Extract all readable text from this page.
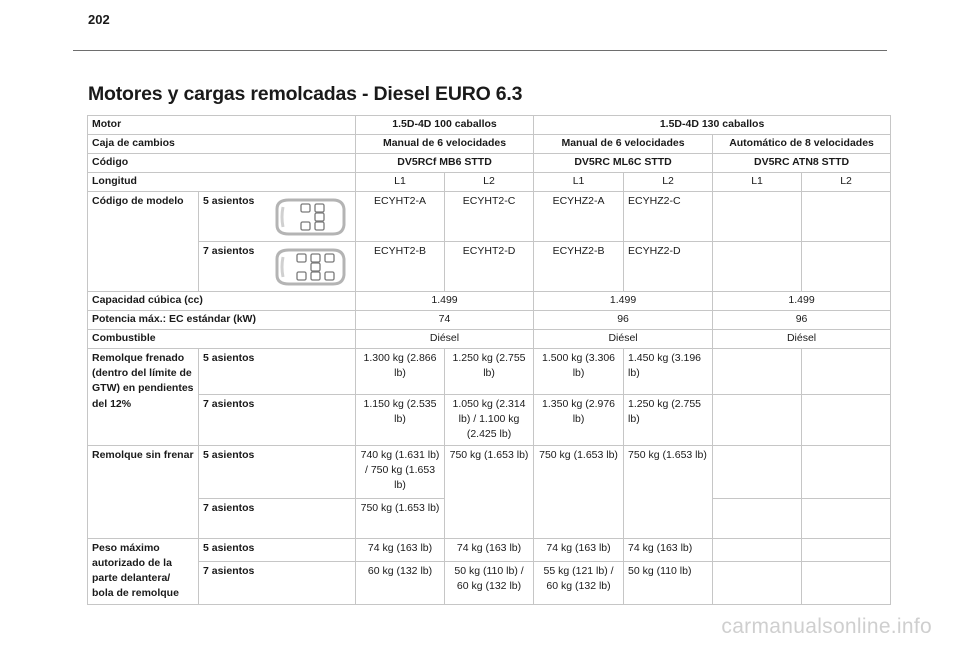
202
Motores y cargas remolcadas - Diesel EURO 6.3
Motor		1.5D-4D 100 caballos		1.5D-4D 130 caballos			
Caja de cambios		Manual de 6 velocidades		Manual de 6 velocidades		Automático de 8 velocidades	
Código		DV5RCf MB6 STTD		DV5RC ML6C STTD		DV5RC ATN8 STTD	
Longitud		L1	L2	L1	L2	L1	L2
Código de modelo	5 asientos	ECYHT2-A	ECYHT2-C	ECYHZ2-A	ECYHZ2-C		
	7 asientos	ECYHT2-B	ECYHT2-D	ECYHZ2-B	ECYHZ2-D		
Capacidad cúbica (cc)		1.499		1.499		1.499	
Potencia máx.: EC estándar (kW)		74		96		96	
Combustible		Diésel		Diésel		Diésel	
Remolque frenado (dentro del límite de GTW) en pendientes del 12%	5 asientos	1.300 kg (2.866 lb)	1.250 kg (2.755 lb)	1.500 kg (3.306 lb)	1.450 kg (3.196 lb)		
	7 asientos	1.150 kg (2.535 lb)	1.050 kg (2.314 lb) / 1.100 kg (2.425 lb)	1.350 kg (2.976 lb)	1.250 kg (2.755 lb)		
Remolque sin frenar	5 asientos	740 kg (1.631 lb) / 750 kg (1.653 lb)	750 kg (1.653 lb)	750 kg (1.653 lb)	750 kg (1.653 lb)		
	7 asientos	750 kg (1.653 lb)					
Peso máximo autorizado de la parte delantera/ bola de remolque	5 asientos	74 kg (163 lb)	74 kg (163 lb)	74 kg (163 lb)	74 kg (163 lb)		
	7 asientos	60 kg (132 lb)	50 kg (110 lb) / 60 kg (132 lb)	55 kg (121 lb) / 60 kg (132 lb)	50 kg (110 lb)		
carmanualsonline.info
